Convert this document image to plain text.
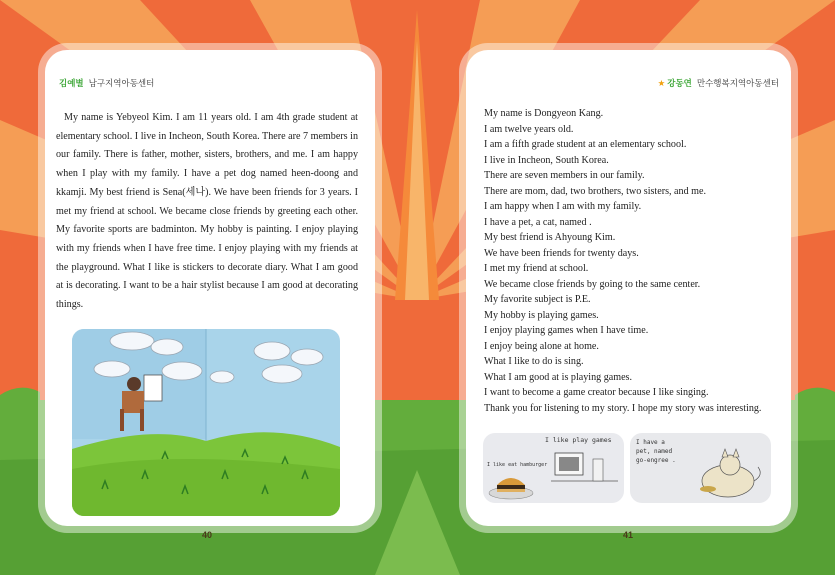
김예별 남구지역아동센터
My name is Yebyeol Kim. I am 11 years old. I am 4th grade student at elementary school. I live in Incheon, South Korea. There are 7 members in our family. There is father, mother, sisters, brothers, and me. I am happy when I play with my family. I have a pet dog named heen-doong and kkamji. My best friend is Sena(세나). We have been friends for 3 years. I met my friend at school. We became close friends by greeting each other. My favorite sports are badminton. My hobby is painting. I enjoy playing with my friends when I have free time. I enjoy playing with my friends at the playground. What I like is stickers to decorate diary. What I am good at is decorating. I want to be a hair stylist because I am good at decorating things.
★ 강동연 만수행복지역아동센터
My name is Dongyeon Kang.
I am twelve years old.
I am a fifth grade student at an elementary school.
I live in Incheon, South Korea.
There are seven members in our family.
There are mom, dad, two brothers, two sisters, and me.
I am happy when I am with my family.
I have a pet, a cat, named .
My best friend is Ahyoung Kim.
We have been friends for twenty days.
I met my friend at school.
We became close friends by going to the same center.
My favorite subject is P.E.
My hobby is playing games.
I enjoy playing games when I have time.
I enjoy being alone at home.
What I like to do is sing.
What I am good at is playing games.
I want to become a game creator because I like singing.
Thank you for listening to my story. I hope my story was interesting.
I like play games
I like eat hamburger
I have a
pet, named
go-engree .
40	41
